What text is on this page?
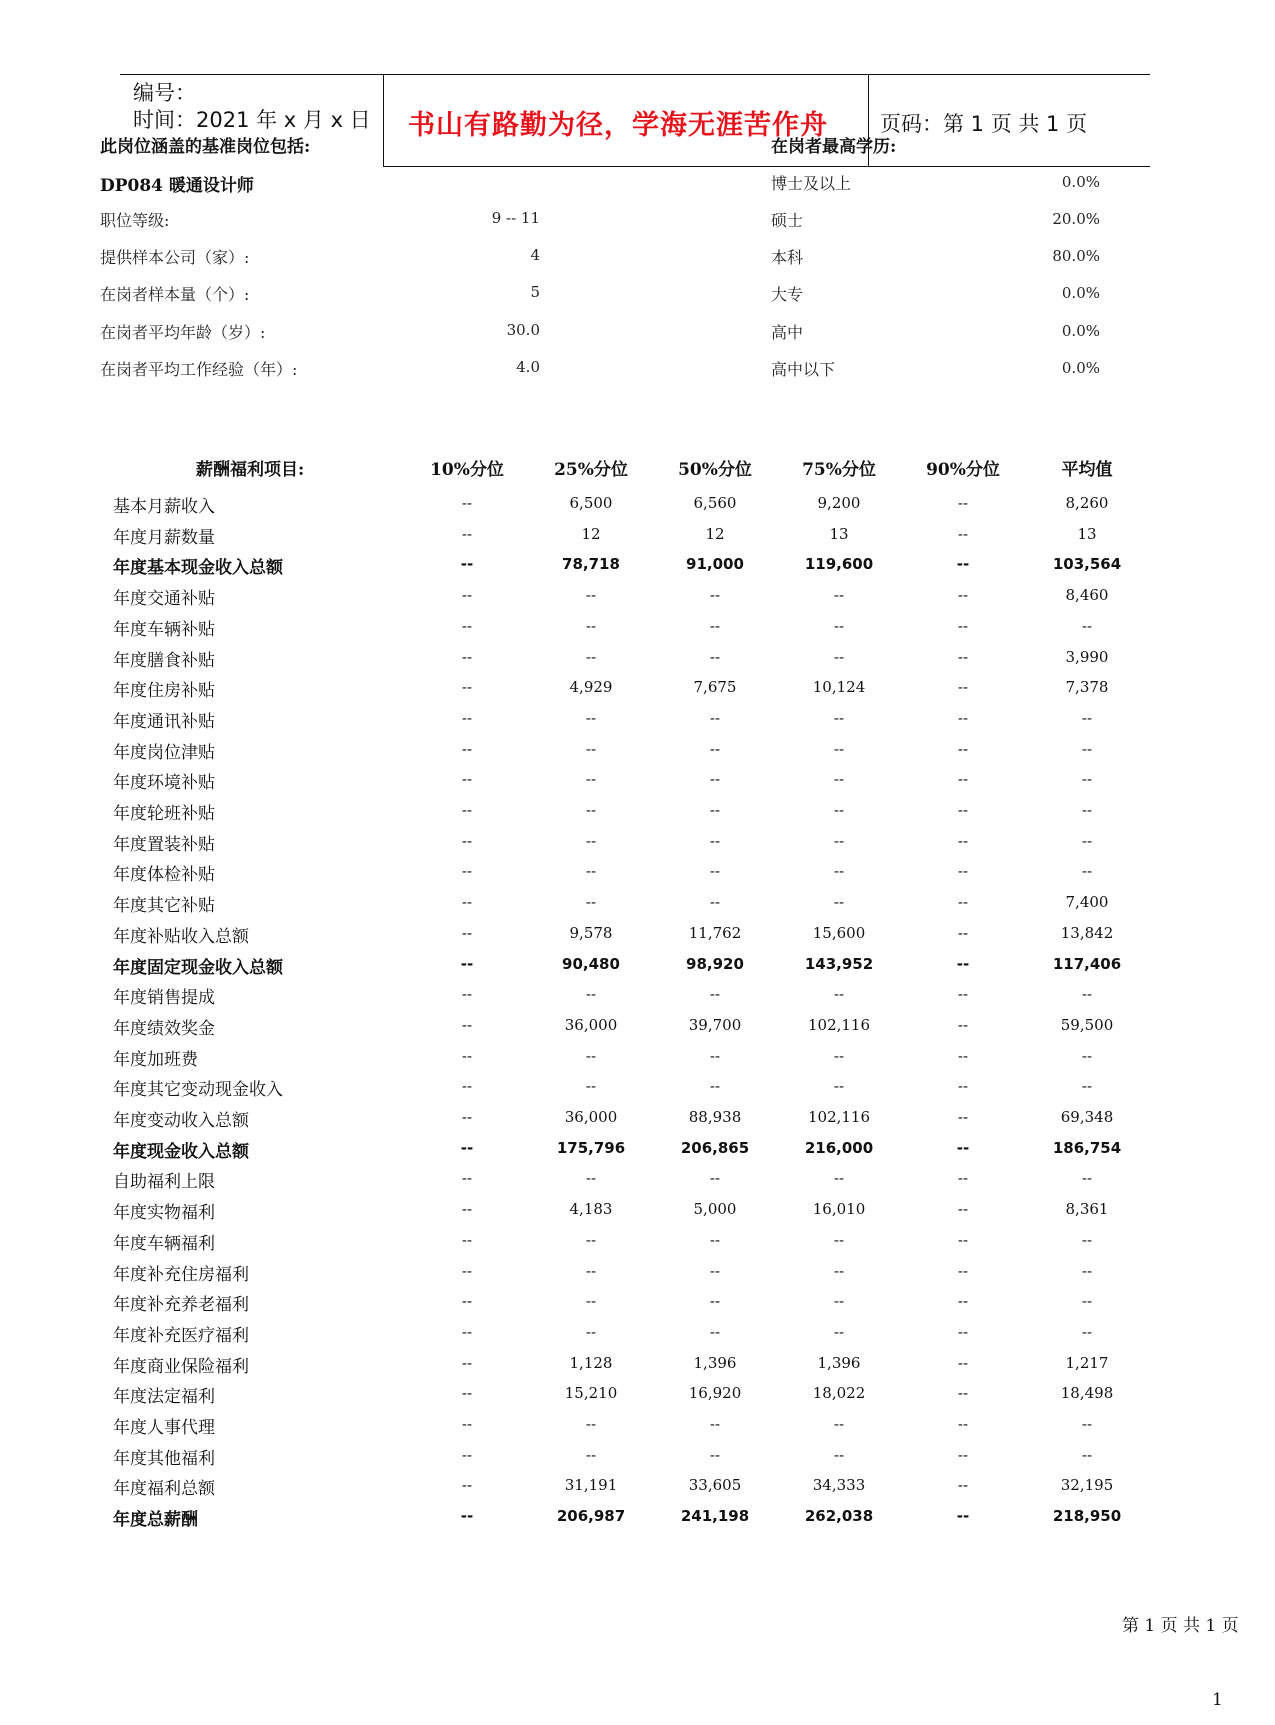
编号：
时间：2021 年 x 月 x 日 书山有路勤为径，学海无涯苦作舟 页码：第 1 页 共 1 页
此岗位涵盖的基准岗位包括:	在岗者最高学历:
DP084 暖通设计师
职位等级:	9 -- 11
提供样本公司（家）:	4
在岗者样本量（个）:	5
在岗者平均年龄（岁）:	30.0
在岗者平均工作经验（年）:	4.0
博士及以上	0.0%
硕士	20.0%
本科	80.0%
大专	0.0%
高中	0.0%
高中以下	0.0%
薪酬福利项目:	10%分位	25%分位	50%分位	75%分位	90%分位	平均值
基本月薪收入	--	6,500	6,560	9,200	--	8,260
年度月薪数量	--	12	12	13	--	13
年度基本现金收入总额	--	78,718	91,000	119,600	--	103,564
年度交通补贴	--	--	--	--	--	8,460
年度车辆补贴	--	--	--	--	--	--
年度膳食补贴	--	--	--	--	--	3,990
年度住房补贴	--	4,929	7,675	10,124	--	7,378
年度通讯补贴	--	--	--	--	--	--
年度岗位津贴	--	--	--	--	--	--
年度环境补贴	--	--	--	--	--	--
年度轮班补贴	--	--	--	--	--	--
年度置装补贴	--	--	--	--	--	--
年度体检补贴	--	--	--	--	--	--
年度其它补贴	--	--	--	--	--	7,400
年度补贴收入总额	--	9,578	11,762	15,600	--	13,842
年度固定现金收入总额	--	90,480	98,920	143,952	--	117,406
年度销售提成	--	--	--	--	--	--
年度绩效奖金	--	36,000	39,700	102,116	--	59,500
年度加班费	--	--	--	--	--	--
年度其它变动现金收入	--	--	--	--	--	--
年度变动收入总额	--	36,000	88,938	102,116	--	69,348
年度现金收入总额	--	175,796	206,865	216,000	--	186,754
自助福利上限	--	--	--	--	--	--
年度实物福利	--	4,183	5,000	16,010	--	8,361
年度车辆福利	--	--	--	--	--	--
年度补充住房福利	--	--	--	--	--	--
年度补充养老福利	--	--	--	--	--	--
年度补充医疗福利	--	--	--	--	--	--
年度商业保险福利	--	1,128	1,396	1,396	--	1,217
年度法定福利	--	15,210	16,920	18,022	--	18,498
年度人事代理	--	--	--	--	--	--
年度其他福利	--	--	--	--	--	--
年度福利总额	--	31,191	33,605	34,333	--	32,195
年度总薪酬	--	206,987	241,198	262,038	--	218,950
第 1 页 共 1 页
1
